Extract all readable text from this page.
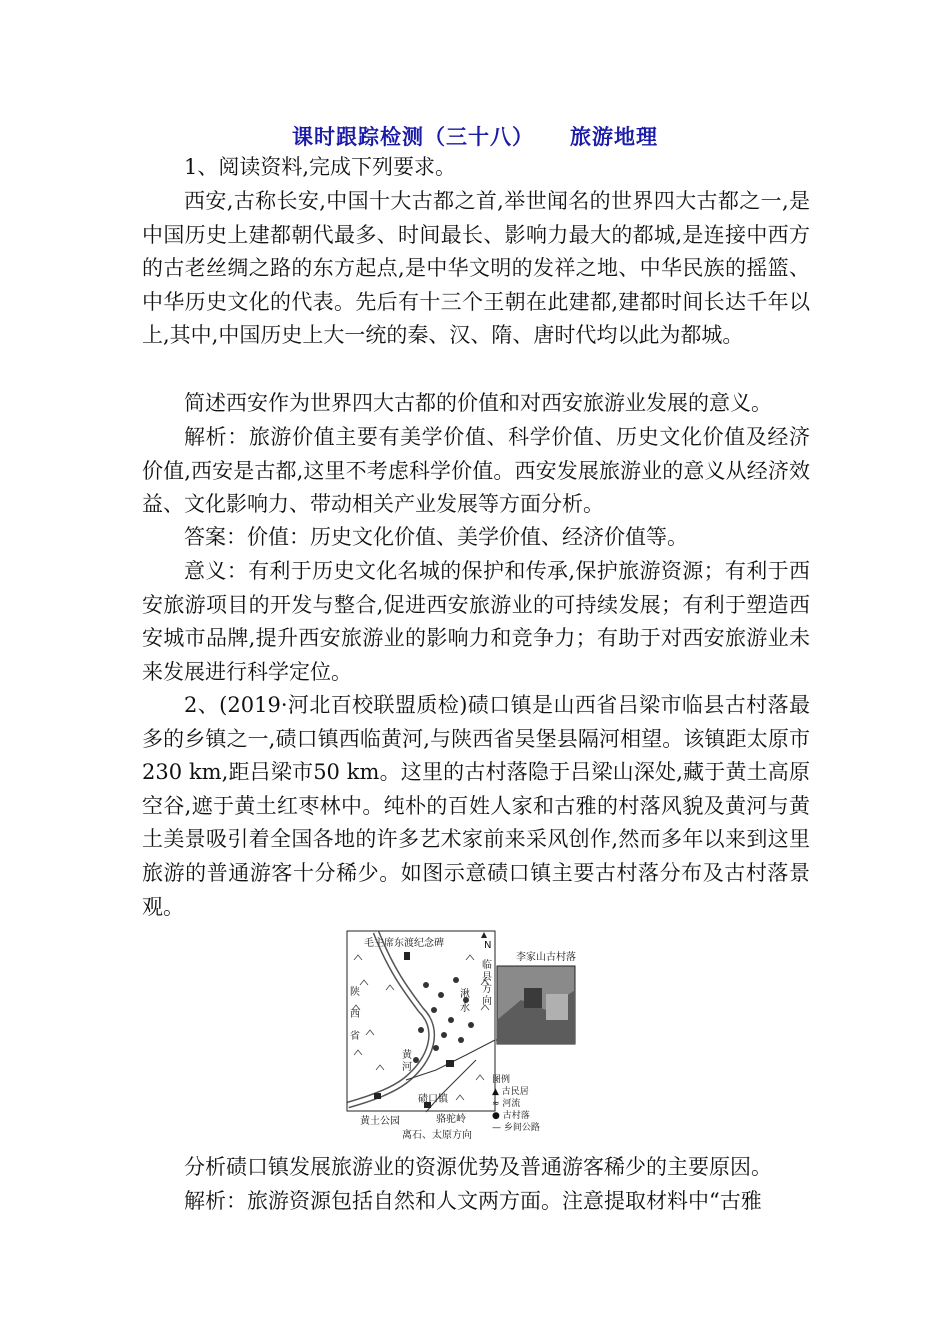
课时跟踪检测（三十八） 旅游地理
1、阅读资料,完成下列要求。
西安,古称长安,中国十大古都之首,举世闻名的世界四大古都之一,是中国历史上建都朝代最多、时间最长、影响力最大的都城,是连接中西方的古老丝绸之路的东方起点,是中华文明的发祥之地、中华民族的摇篮、中华历史文化的代表。先后有十三个王朝在此建都,建都时间长达千年以上,其中,中国历史上大一统的秦、汉、隋、唐时代均以此为都城。
简述西安作为世界四大古都的价值和对西安旅游业发展的意义。
解析：旅游价值主要有美学价值、科学价值、历史文化价值及经济价值,西安是古都,这里不考虑科学价值。西安发展旅游业的意义从经济效益、文化影响力、带动相关产业发展等方面分析。
答案：价值：历史文化价值、美学价值、经济价值等。
意义：有利于历史文化名城的保护和传承,保护旅游资源；有利于西安旅游项目的开发与整合,促进西安旅游业的可持续发展；有利于塑造西安城市品牌,提升西安旅游业的影响力和竞争力；有助于对西安旅游业未来发展进行科学定位。
2、(2019·河北百校联盟质检)碛口镇是山西省吕梁市临县古村落最多的乡镇之一,碛口镇西临黄河,与陕西省吴堡县隔河相望。该镇距太原市230 km,距吕梁市50 km。这里的古村落隐于吕梁山深处,藏于黄土高原空谷,遮于黄土红枣林中。纯朴的百姓人家和古雅的村落风貌及黄河与黄土美景吸引着全国各地的许多艺术家前来采风创作,然而多年以来到这里旅游的普通游客十分稀少。如图示意碛口镇主要古村落分布及古村落景观。
毛主席东渡纪念碑
陕西省
黄河
碛口镇
黄土公园	骆驼岭
离石、太原方向
湫水
N
临县方向
李家山古村落
图例
▲ 古民居
≈ 河流
● 古村落
— 乡间公路
分析碛口镇发展旅游业的资源优势及普通游客稀少的主要原因。
解析：旅游资源包括自然和人文两方面。注意提取材料中“古雅
